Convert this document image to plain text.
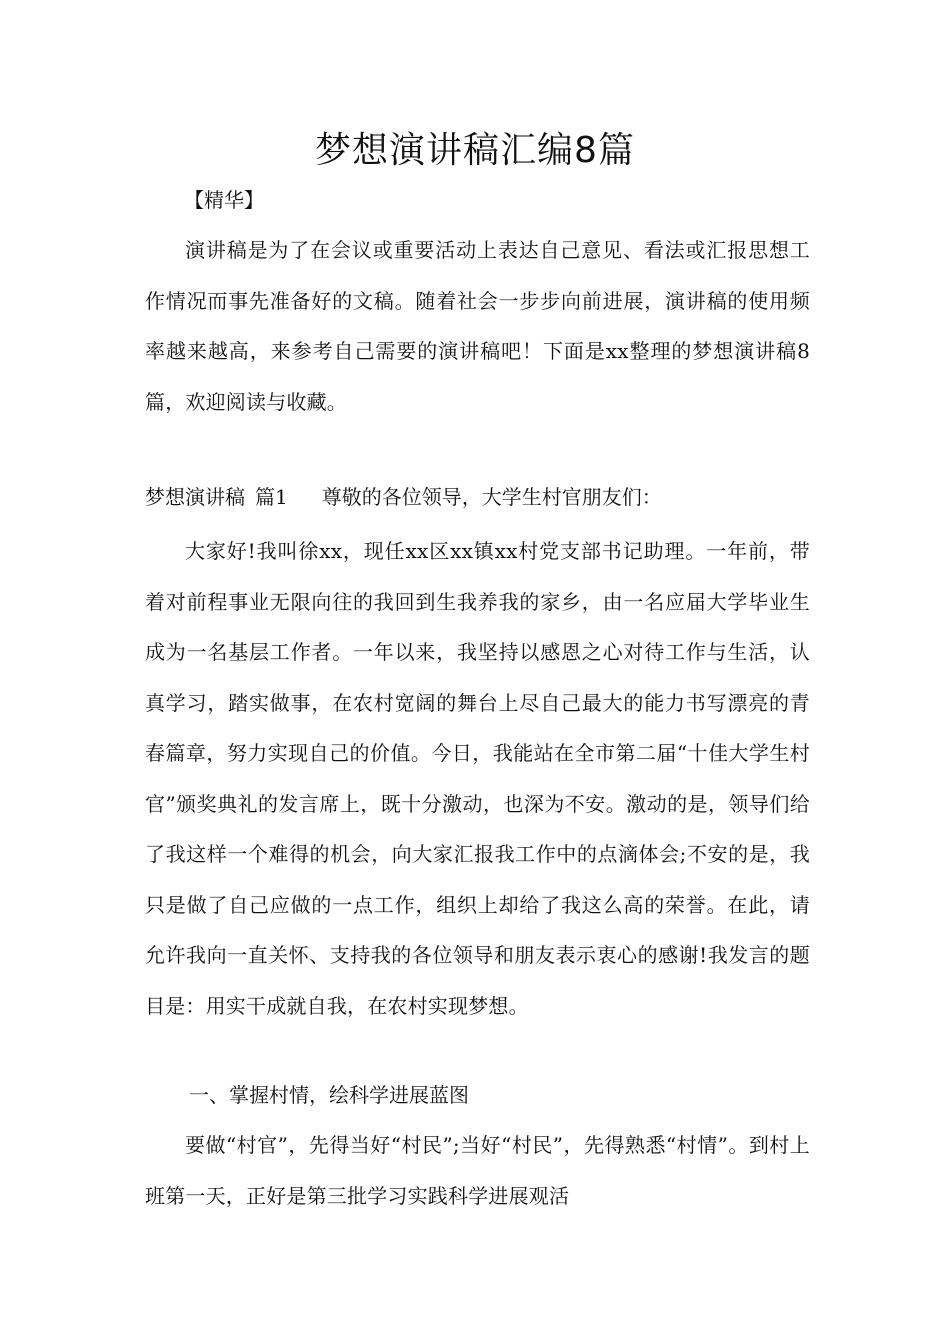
梦想演讲稿汇编8篇

【精华】

演讲稿是为了在会议或重要活动上表达自己意见、看法或汇报思想工作情况而事先准备好的文稿。随着社会一步步向前进展，演讲稿的使用频率越来越高，来参考自己需要的演讲稿吧！下面是xx整理的梦想演讲稿8篇，欢迎阅读与收藏。

梦想演讲稿 篇1 尊敬的各位领导，大学生村官朋友们：

大家好!我叫徐xx，现任xx区xx镇xx村党支部书记助理。一年前，带着对前程事业无限向往的我回到生我养我的家乡，由一名应届大学毕业生成为一名基层工作者。一年以来，我坚持以感恩之心对待工作与生活，认真学习，踏实做事，在农村宽阔的舞台上尽自己最大的能力书写漂亮的青春篇章，努力实现自己的价值。今日，我能站在全市第二届“十佳大学生村官”颁奖典礼的发言席上，既十分激动，也深为不安。激动的是，领导们给了我这样一个难得的机会，向大家汇报我工作中的点滴体会;不安的是，我只是做了自己应做的一点工作，组织上却给了我这么高的荣誉。在此，请允许我向一直关怀、支持我的各位领导和朋友表示衷心的感谢!我发言的题目是：用实干成就自我，在农村实现梦想。

一、掌握村情，绘科学进展蓝图

要做“村官”，先得当好“村民”;当好“村民”，先得熟悉“村情”。到村上班第一天，正好是第三批学习实践科学进展观活
